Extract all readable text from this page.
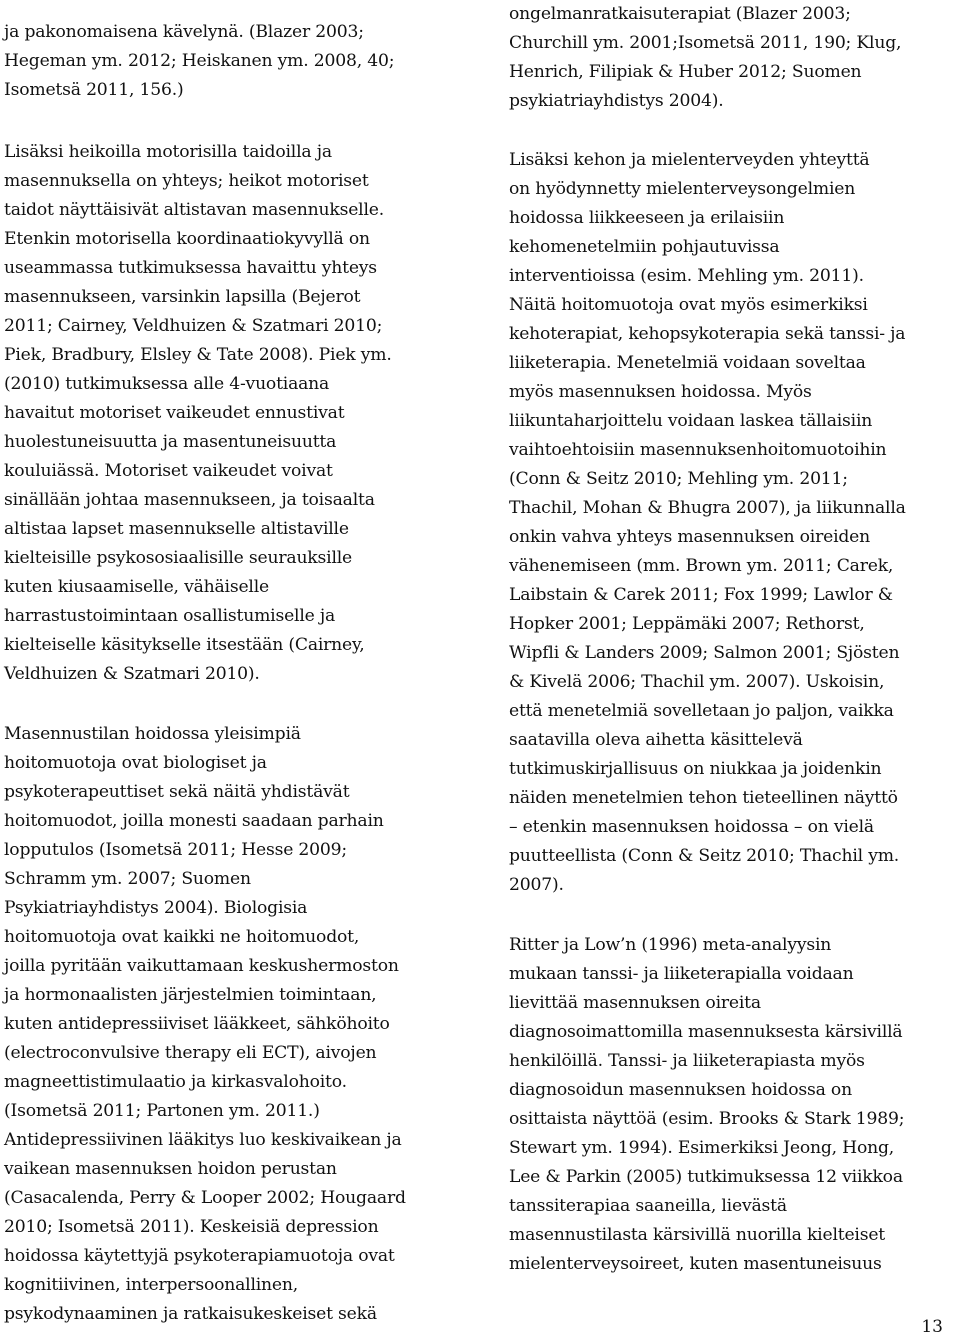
ja pakonomaisena kävelynä. (Blazer 2003;
Hegeman ym. 2012; Heiskanen ym. 2008, 40;
Isometsä 2011, 156.)
Lisäksi heikoilla motorisilla taidoilla ja
masennuksella on yhteys; heikot motoriset
taidot näyttäisivät altistavan masennukselle.
Etenkin motorisella koordinaatiokyvyllä on
useammassa tutkimuksessa havaittu yhteys
masennukseen, varsinkin lapsilla (Bejerot
2011; Cairney, Veldhuizen & Szatmari 2010;
Piek, Bradbury, Elsley & Tate 2008). Piek ym.
(2010) tutkimuksessa alle 4-vuotiaana
havaitut motoriset vaikeudet ennustivat
huolestuneisuutta ja masentuneisuutta
kouluiässä. Motoriset vaikeudet voivat
sinällään johtaa masennukseen, ja toisaalta
altistaa lapset masennukselle altistaville
kielteisille psykososiaalisille seurauksille
kuten kiusaamiselle, vähäiselle
harrastustoimintaan osallistumiselle ja
kielteiselle käsitykselle itsestään (Cairney,
Veldhuizen & Szatmari 2010).
Masennustilan hoidossa yleisimpiä
hoitomuotoja ovat biologiset ja
psykoterapeuttiset sekä näitä yhdistävät
hoitomuodot, joilla monesti saadaan parhain
lopputulos (Isometsä 2011; Hesse 2009;
Schramm ym. 2007; Suomen
Psykiatriayhdistys 2004). Biologisia
hoitomuotoja ovat kaikki ne hoitomuodot,
joilla pyritään vaikuttamaan keskushermoston
ja hormonaalisten järjestelmien toimintaan,
kuten antidepressiiviset lääkkeet, sähköhoito
(electroconvulsive therapy eli ECT), aivojen
magneettistimulaatio ja kirkasvalohoito.
(Isometsä 2011; Partonen ym. 2011.)
Antidepressiivinen lääkitys luo keskivaikean ja
vaikean masennuksen hoidon perustan
(Casacalenda, Perry & Looper 2002; Hougaard
2010; Isometsä 2011). Keskeisiä depression
hoidossa käytettyjä psykoterapiamuotoja ovat
kognitiivinen, interpersoonallinen,
psykodynaaminen ja ratkaisukeskeiset sekä
ongelmanratkaisuterapiat (Blazer 2003;
Churchill ym. 2001;Isometsä 2011, 190; Klug,
Henrich, Filipiak & Huber 2012; Suomen
psykiatriayhdistys 2004).
Lisäksi kehon ja mielenterveyden yhteyttä
on hyödynnetty mielenterveysongelmien
hoidossa liikkeeseen ja erilaisiin
kehomenetelmiin pohjautuvissa
interventioissa (esim. Mehling ym. 2011).
Näitä hoitomuotoja ovat myös esimerkiksi
kehoterapiat, kehopsykoterapia sekä tanssi- ja
liiketerapia. Menetelmiä voidaan soveltaa
myös masennuksen hoidossa. Myös
liikuntaharjoittelu voidaan laskea tällaisiin
vaihtoehtoisiin masennuksenhoitomuotoihin
(Conn & Seitz 2010; Mehling ym. 2011;
Thachil, Mohan & Bhugra 2007), ja liikunnalla
onkin vahva yhteys masennuksen oireiden
vähenemiseen (mm. Brown ym. 2011; Carek,
Laibstain & Carek 2011; Fox 1999; Lawlor &
Hopker 2001; Leppämäki 2007; Rethorst,
Wipfli & Landers 2009; Salmon 2001; Sjösten
& Kivelä 2006; Thachil ym. 2007). Uskoisin,
että menetelmiä sovelletaan jo paljon, vaikka
saatavilla oleva aihetta käsittelevä
tutkimuskirjallisuus on niukkaa ja joidenkin
näiden menetelmien tehon tieteellinen näyttö
– etenkin masennuksen hoidossa – on vielä
puutteellista (Conn & Seitz 2010; Thachil ym.
2007).
Ritter ja Low’n (1996) meta-analyysin
mukaan tanssi- ja liiketerapialla voidaan
lievittää masennuksen oireita
diagnosoimattomilla masennuksesta kärsivillä
henkilöillä. Tanssi- ja liiketerapiasta myös
diagnosoidun masennuksen hoidossa on
osittaista näyttöä (esim. Brooks & Stark 1989;
Stewart ym. 1994). Esimerkiksi Jeong, Hong,
Lee & Parkin (2005) tutkimuksessa 12 viikkoa
tanssiterapiaa saaneilla, lievästä
masennustilasta kärsivillä nuorilla kielteiset
mielenterveysoireet, kuten masentuneisuus
13
